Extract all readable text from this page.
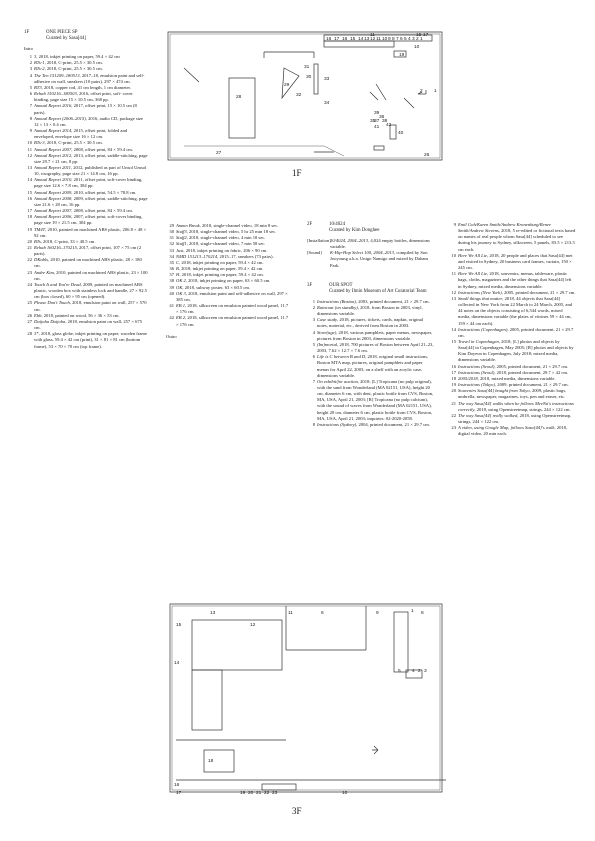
1F	ONE PIECE SP
Curated by Sasa[44]
Intro
1 3, 2018, inkjet printing on paper, 59.4 × 42 cm
2 BTs-1, 2018, C-print, 25.5 × 30.5 cm.
3 BTs-2, 2018, C-print, 25.5 × 30.5 cm.
4 The Ten 151209–180513, 2017–18, emulsion paint and self-adhesive on wall, sneakers (10 pairs), 297 × 474 cm.
5 BT3, 2018, copper rod, 41 cm length, 1 cm diameter.
6 Rehab 150216–180503, 2016, offset print, soft- cover binding, page size 15 × 10.5 cm, 368 pp.
7 Annual Report 2016, 2017, offset print, 15 × 10.5 cm (8 parts).
8 Annual Report (2006–2015), 2016, audio CD, package size 12 × 13 × 0.4 cm.
9 Annual Report 2014, 2015, offset print, folded and enveloped, envelope size 16 × 12 cm.
10 BTs-3, 2018, C-print, 25.5 × 30.5 cm.
11 Annual Report 2007, 2008, offset print, 84 × 59.4 cm.
12 Annual Report 2012, 2013, offset print, saddle-stitching, page size 29.7 × 21 cm, 8 pp.
13 Annual Report 2011, 2012, published as part of Unsol Umsol 10, risography, page size 21 × 14.8 cm, 16 pp.
14 Annual Report 2010, 2011, offset print, soft-cover binding, page size 12.6 × 7.8 cm, 384 pp.
15 Annual Report 2009, 2010, offset print, 54.5 × 78.8 cm.
16 Annual Report 2008, 2009, offset print, saddle-stitching, page size 21.6 × 28 cm, 16 pp.
17 Annual Report 2007, 2008, offset print, 84 × 59.4 cm.
18 Annual Report 2006, 2007, offset print, soft-cover binding, page size 19 × 21.5 cm, 304 pp.
19 TM4T, 2010, painted on machined ABS plastic, 206.8 × 48 × 92 cm.
20 BTs, 2018, C-print, 33 × 40.5 cm.
21 Rehab 160216–170215, 2017, offset print, 107 × 75 cm (2 parts).
22 DKnbls, 2010, painted on machined ABS plastic, 28 × 180 cm.
23 Andre Kim, 2010, painted on machined ABS plastic, 23 × 100 cm.
24 Touch It and You're Dead, 2009, painted on machined ABS plastic, wooden box with stainless lock and handle, 27 × 92.5 cm (box closed), 60 × 95 cm (opened).
25 Please Don't Touch, 2018, emulsion paint on wall, 257 × 570 cm.
26 Ebb, 2018, painted on wood, 56 × 36 × 53 cm.
27 Daijoba Daijoba, 2018, emulsion paint on wall, 257 × 675 cm.
28 3*, 2018, glass globe, inkjet printing on paper, wooden frame with glass, 59.4 × 42 cm (print), 31 × 81 × 81 cm (bottom frame), 53 × 70 × 70 cm (top frame).
29 Ammo Break, 2018, single-channel video, 18 min 8 sec.
30 Stuff3, 2018, single-channel video, 5 hr 25 min 18 sec.
31 Stuff2, 2018, single-channel video, 4 min 18 sec.
32 Stuff1, 2018, single-channel video, 7 min 58 sec.
33 Just, 2018, inkjet printing on fabric, 206 × 90 cm.
34 NMD 151213–170214, 2015–17, sneakers (73 pairs).
35 C, 2018, inkjet printing on paper, 59.4 × 42 cm.
36 B, 2018, inkjet printing on paper, 59.4 × 42 cm.
37 H, 2018, inkjet printing on paper, 59.4 × 42 cm.
38 OK 2, 2018, inkjet printing on paper, 63 × 60.5 cm.
39 OK, 2018, subway poster, 63 × 60.5 cm.
40 OK 3, 2018, emulsion paint and self-adhesive on wall, 297 × 385 cm.
41 EB 1, 2018, silkscreen on emulsion painted wood panel, 11.7 × 176 cm.
42 EB 2, 2018, silkscreen on emulsion painted wood panel, 11.7 × 176 cm.
Outro
2F	10/4024
Curated by Kim Donghee
[Installation] 10/4024, 2004–2013, 4,024 empty bottles, dimensions variable.
[Sound]	K-Hip-Hop Select 100, 2004–2013, compiled by Son Jooyoung a.k.a. Unigo Namigo and mixed by Daham Park.
3F	OUR SPOT
Curated by Ilmin Museum of Art Curatorial Team
1 Instructions (Boston), 2003, printed document, 21 × 29.7 cm.
2 Raincoat (on standby), 2018, from Boston in 2003, vinyl, dimensions variable.
3 Case study, 2018, pictures, tickets, cards, napkin, original notes, material, etc., derived from Boston in 2003.
4 Store(age), 2018, various pamphlets, paper menus, newspaper, pictures from Boston in 2003, dimensions variable.
5 (Im)mortal, 2018, 700 pictures of Boston between April 21–23, 2003, 7.62 × 12.7 × 7.6 cm.
6 Life is C between B and D, 2018, original small instructions, Boston MTA map, pictures, original pamphlets and paper menus for April 22, 2003, on a shelf with an acrylic case, dimensions variable.
7 On exhibit/for auction, 2018; [L] Tropicana (no pulp original), with the sand from Wonderland (MA 02151, USA), height 20 cm, diameter 6 cm, with dent, plastic bottle from CVS, Boston, MA, USA, April 21, 2003; [R] Tropicana (no pulp calcium), with the sound of waves from Wonderland (MA 02151, USA), height 20 cm, diameter 6 cm, plastic bottle from CVS, Boston, MA, USA, April 21, 2003; inquiries: 02-2020-2058.
8 Instructions (Sydney), 2004, printed document, 21 × 29.7 cm.
9 Emil Goh/Karen Smith/Andrew Kronenburg/Renee Smith/Andrew Stevens, 2018, 5 re-edited or fictional texts based on names of real people whom Sasa[44] scheduled to see during his journey to Sydney, silkscreen, 5 panels, 83.5 × 213.5 cm each.
10 Here We All Lie, 2018, 20 people and places that Sasa[44] met and visited in Sydney, 20 business card frames, curtain, 150 × 245 cm.
11 Here We All Lie, 2018, souvenirs, menus, tableware, plastic bags, cloths, magazines and the other things that Sasa[44] left in Sydney, mixed media, dimensions variable.
12 Instructions (New York), 2005, printed document, 21 × 29.7 cm.
13 Small things that matter, 2018, 44 objects that Sasa[44] collected in New York from 22 March to 24 March, 2005, and 44 notes on the objects consisting of 6,544 words, mixed media, dimensions variable (the plates of vitrines 59 × 44 cm, 159 × 44 cm each).
14 Instructions (Copenhagen), 2005, printed document, 21 × 29.7 cm.
15 Travel in Copenhagen, 2018; [L] photos and objects by Sasa[44] in Copenhagen, May 2005; [R] photos and objects by Kim Doyeon in Copenhagen, July 2018; mixed media, dimensions variable.
16 Instructions (Seoul), 2005, printed document, 21 × 29.7 cm.
17 Instructions (Seoul), 2018, printed document, 29.7 × 42 cm.
18 2005/2018, 2018, mixed media, dimensions variable.
19 Instructions (Tokyo), 2009, printed document, 21 × 29.7 cm.
20 Souvenirs Sasa[44] bought from Tokyo, 2009, plastic bags, umbrella, newspaper, magazines, toys, pen and eraser, etc.
21 The way Sasa[44] walks when he follows MeeNa's instructions correctly, 2018, using Openstreetmap, strings, 244 × 122 cm.
22 The way Sasa[44] really walked, 2018, using Openstreetmap, strings, 244 × 122 cm.
23 A video, using Google Map, follows Sasa[44]'s walk, 2018, digital video, 20 min each.
11	15 17
16 17 16 15 14 13 12 11 10 9 8 7 6 5 4 3 2 1
19
10
2 1
28
29
31
30
32
33
34
39
36
38
35
37
42
41
40
27	26
1F
13	6	1
15	12
11	9	8
5 4 2 3
14
16
17
18
19 20 21 22 23	10
3F
